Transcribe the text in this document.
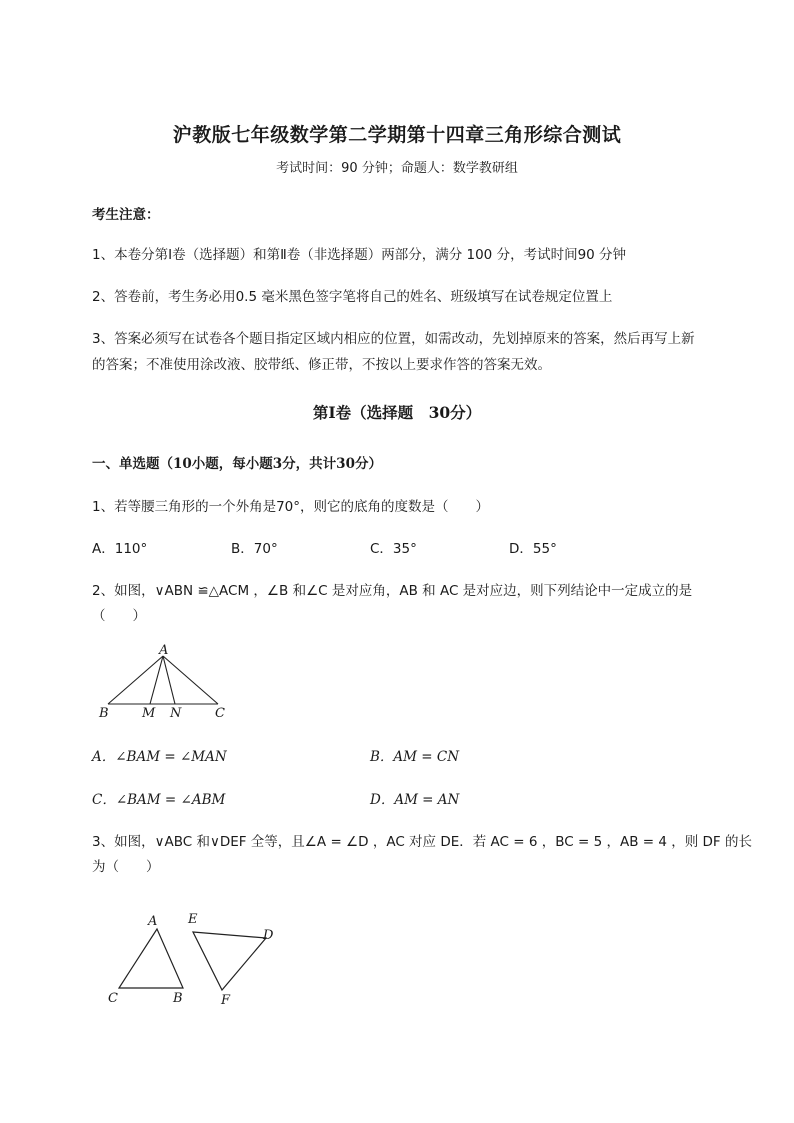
沪教版七年级数学第二学期第十四章三角形综合测试
考试时间：90 分钟；命题人：数学教研组
考生注意：
1、本卷分第Ⅰ卷（选择题）和第Ⅱ卷（非选择题）两部分，满分 100 分，考试时间90 分钟
2、答卷前，考生务必用0.5 毫米黑色签字笔将自己的姓名、班级填写在试卷规定位置上
3、答案必须写在试卷各个题目指定区域内相应的位置，如需改动，先划掉原来的答案，然后再写上新
的答案；不准使用涂改液、胶带纸、修正带，不按以上要求作答的答案无效。
第Ⅰ卷（选择题　30分）
一、单选题（10小题，每小题3分，共计30分）
1、若等腰三角形的一个外角是70°，则它的底角的度数是（　　）
A．110°	B．70°	C．35°	D．55°
2、如图，∨ABN ≌△ACM ，∠B 和∠C 是对应角，AB 和 AC 是对应边，则下列结论中一定成立的是
（　　）
A
B	M N	C
A．∠BAM = ∠MAN	B．AM = CN
C．∠BAM = ∠ABM	D．AM = AN
3、如图，∨ABC 和∨DEF 全等，且∠A = ∠D ，AC 对应 DE．若 AC = 6 ，BC = 5 ，AB = 4 ，则 DF 的长
为（　　）
A
C	B
E
D
F
